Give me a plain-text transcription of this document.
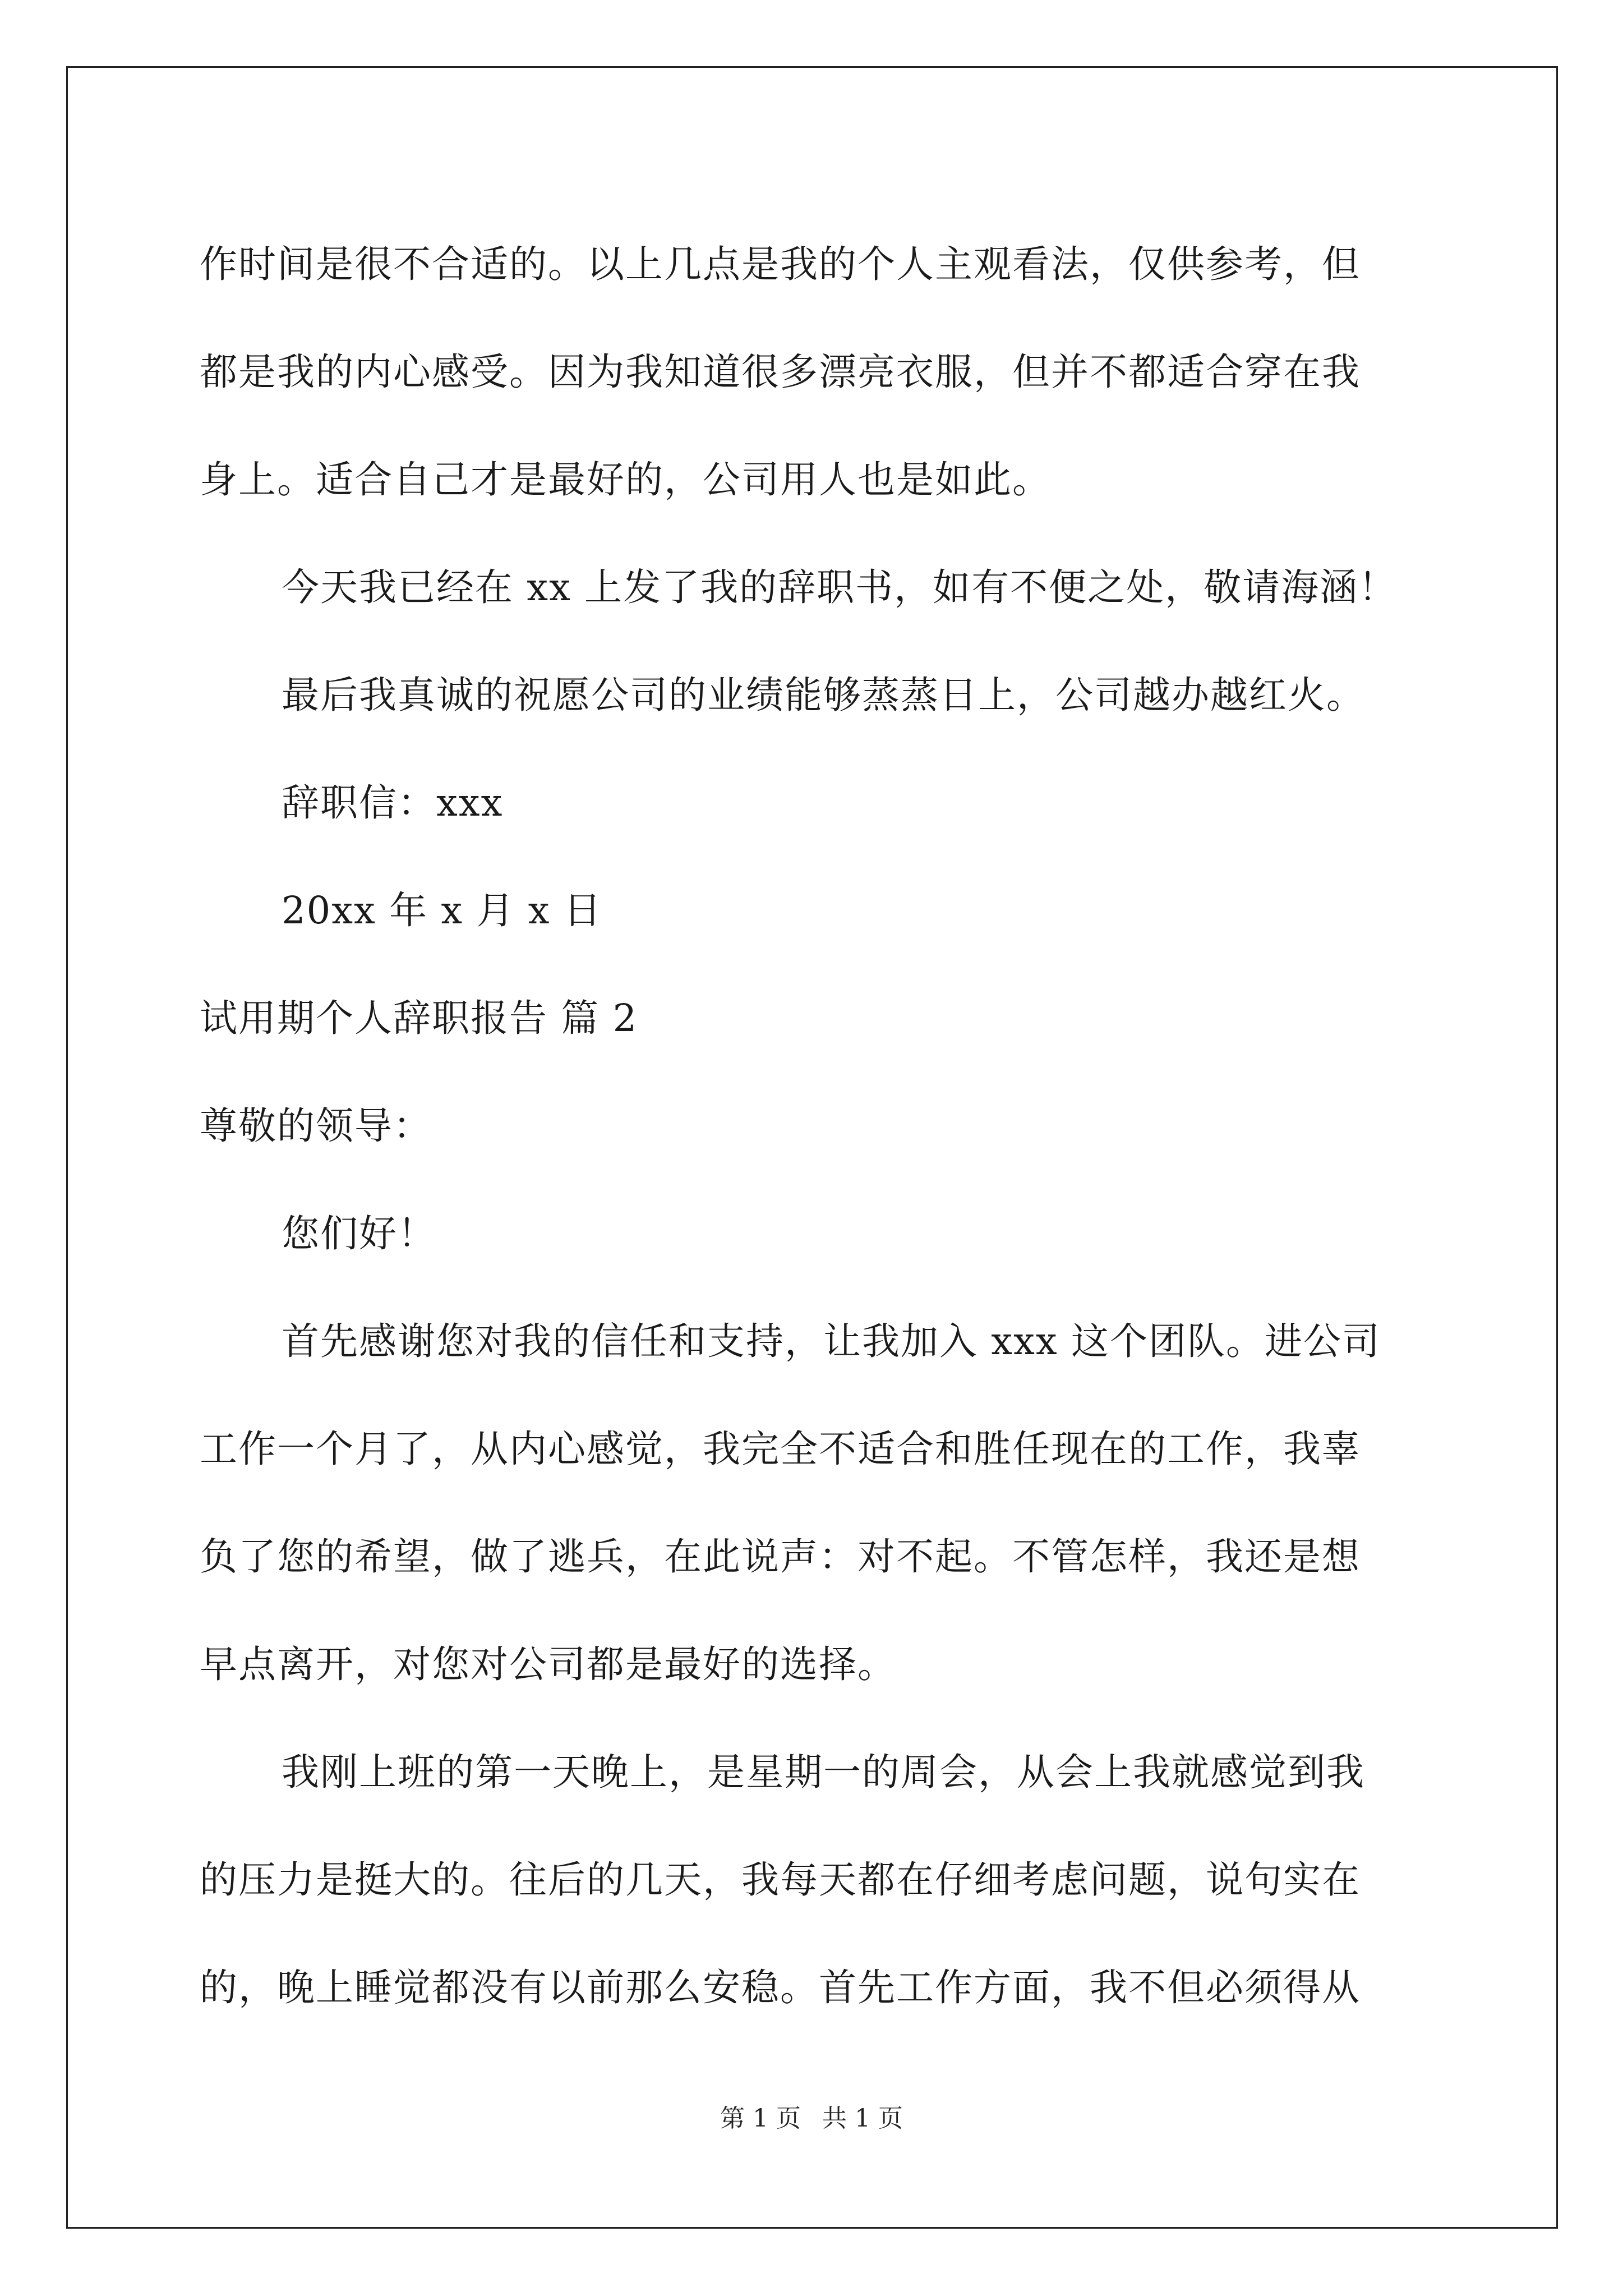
作时间是很不合适的。以上几点是我的个人主观看法，仅供参考，但
都是我的内心感受。因为我知道很多漂亮衣服，但并不都适合穿在我
身上。适合自己才是最好的，公司用人也是如此。
今天我已经在 xx 上发了我的辞职书，如有不便之处，敬请海涵！
最后我真诚的祝愿公司的业绩能够蒸蒸日上，公司越办越红火。
辞职信：xxx
20xx 年 x 月 x 日
试用期个人辞职报告 篇 2
尊敬的领导：
您们好！
首先感谢您对我的信任和支持，让我加入 xxx 这个团队。进公司
工作一个月了，从内心感觉，我完全不适合和胜任现在的工作，我辜
负了您的希望，做了逃兵，在此说声：对不起。不管怎样，我还是想
早点离开，对您对公司都是最好的选择。
我刚上班的第一天晚上，是星期一的周会，从会上我就感觉到我
的压力是挺大的。往后的几天，我每天都在仔细考虑问题，说句实在
的，晚上睡觉都没有以前那么安稳。首先工作方面，我不但必须得从
第 1 页 共 1 页
